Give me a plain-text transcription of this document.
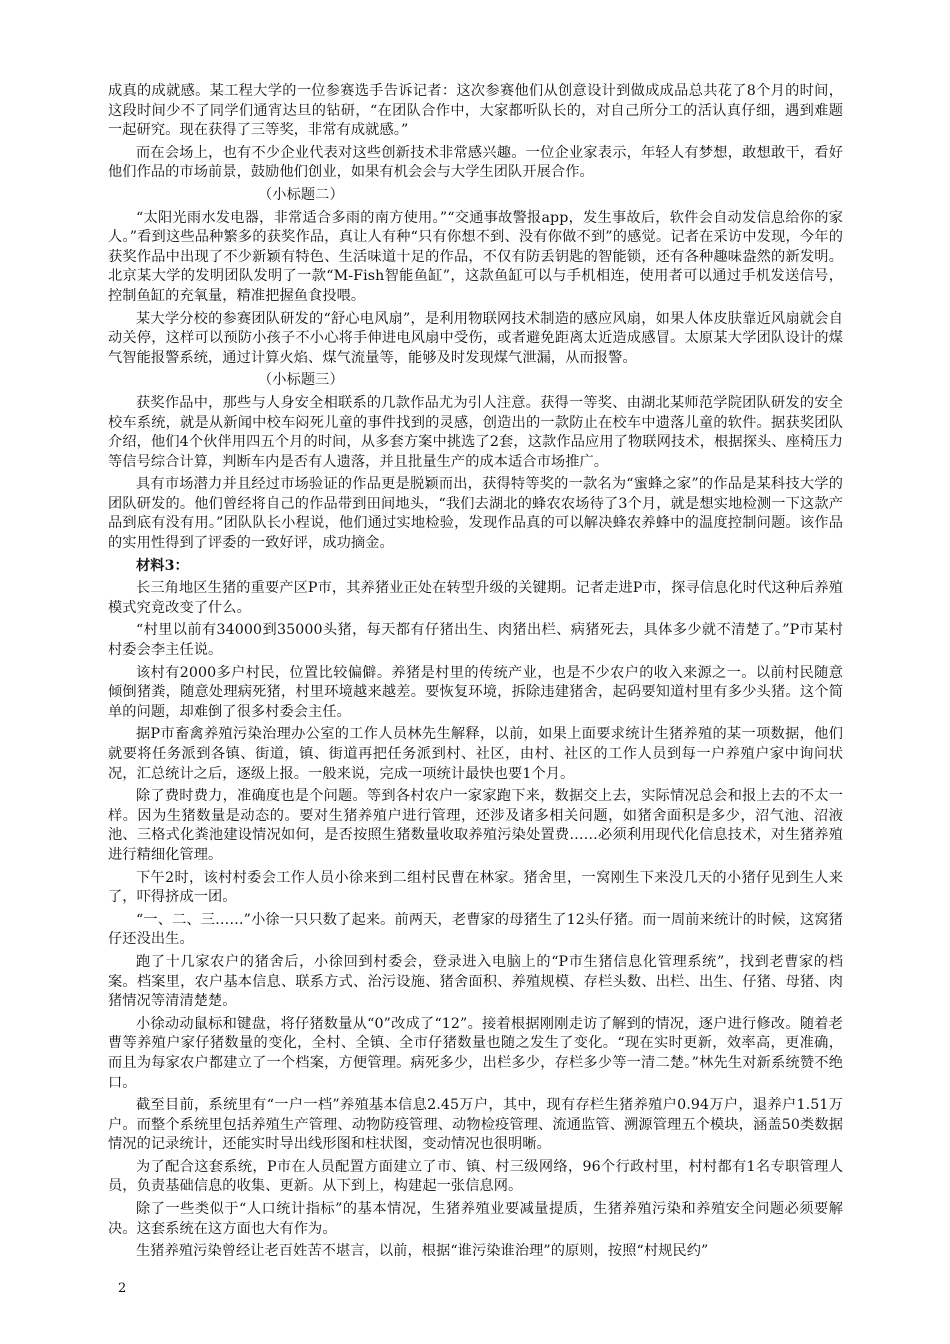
成真的成就感。某工程大学的一位参赛选手告诉记者：这次参赛他们从创意设计到做成成品总共花了8个月的时间，这段时间少不了同学们通宵达旦的钻研，“在团队合作中，大家都听队长的，对自己所分工的活认真仔细，遇到难题一起研究。现在获得了三等奖，非常有成就感。”

而在会场上，也有不少企业代表对这些创新技术非常感兴趣。一位企业家表示，年轻人有梦想，敢想敢干，看好他们作品的市场前景，鼓励他们创业，如果有机会会与大学生团队开展合作。

（小标题二）

“太阳光雨水发电器，非常适合多雨的南方使用。”“交通事故警报app，发生事故后，软件会自动发信息给你的家人。”看到这些品种繁多的获奖作品，真让人有种“只有你想不到、没有你做不到”的感觉。记者在采访中发现，今年的获奖作品中出现了不少新颖有特色、生活味道十足的作品，不仅有防丢钥匙的智能锁，还有各种趣味盎然的新发明。北京某大学的发明团队发明了一款“M-Fish智能鱼缸”，这款鱼缸可以与手机相连，使用者可以通过手机发送信号，控制鱼缸的充氧量，精准把握鱼食投喂。

某大学分校的参赛团队研发的“舒心电风扇”，是利用物联网技术制造的感应风扇，如果人体皮肤靠近风扇就会自动关停，这样可以预防小孩子不小心将手伸进电风扇中受伤，或者避免距离太近造成感冒。太原某大学团队设计的煤气智能报警系统，通过计算火焰、煤气流量等，能够及时发现煤气泄漏，从而报警。

（小标题三）

获奖作品中，那些与人身安全相联系的几款作品尤为引人注意。获得一等奖、由湖北某师范学院团队研发的安全校车系统，就是从新闻中校车闷死儿童的事件找到的灵感，创造出的一款防止在校车中遗落儿童的软件。据获奖团队介绍，他们4个伙伴用四五个月的时间，从多套方案中挑选了2套，这款作品应用了物联网技术，根据探头、座椅压力等信号综合计算，判断车内是否有人遗落，并且批量生产的成本适合市场推广。

具有市场潜力并且经过市场验证的作品更是脱颖而出，获得特等奖的一款名为“蜜蜂之家”的作品是某科技大学的团队研发的。他们曾经将自己的作品带到田间地头，“我们去湖北的蜂农农场待了3个月，就是想实地检测一下这款产品到底有没有用。”团队队长小程说，他们通过实地检验，发现作品真的可以解决蜂农养蜂中的温度控制问题。该作品的实用性得到了评委的一致好评，成功摘金。

材料3：

长三角地区生猪的重要产区P市，其养猪业正处在转型升级的关键期。记者走进P市，探寻信息化时代这种后养殖模式究竟改变了什么。

“村里以前有34000到35000头猪，每天都有仔猪出生、肉猪出栏、病猪死去，具体多少就不清楚了。”P市某村村委会李主任说。

该村有2000多户村民，位置比较偏僻。养猪是村里的传统产业，也是不少农户的收入来源之一。以前村民随意倾倒猪粪，随意处理病死猪，村里环境越来越差。要恢复环境，拆除违建猪舍，起码要知道村里有多少头猪。这个简单的问题，却难倒了很多村委会主任。

据P市畜禽养殖污染治理办公室的工作人员林先生解释，以前，如果上面要求统计生猪养殖的某一项数据，他们就要将任务派到各镇、街道，镇、街道再把任务派到村、社区，由村、社区的工作人员到每一户养殖户家中询问状况，汇总统计之后，逐级上报。一般来说，完成一项统计最快也要1个月。

除了费时费力，准确度也是个问题。等到各村农户一家家跑下来，数据交上去，实际情况总会和报上去的不太一样。因为生猪数量是动态的。要对生猪养殖户进行管理，还涉及诸多相关问题，如猪舍面积是多少，沼气池、沼液池、三格式化粪池建设情况如何，是否按照生猪数量收取养殖污染处置费……必须利用现代化信息技术，对生猪养殖进行精细化管理。

下午2时，该村村委会工作人员小徐来到二组村民曹在林家。猪舍里，一窝刚生下来没几天的小猪仔见到生人来了，吓得挤成一团。

“一、二、三……”小徐一只只数了起来。前两天，老曹家的母猪生了12头仔猪。而一周前来统计的时候，这窝猪仔还没出生。

跑了十几家农户的猪舍后，小徐回到村委会，登录进入电脑上的“P市生猪信息化管理系统”，找到老曹家的档案。档案里，农户基本信息、联系方式、治污设施、猪舍面积、养殖规模、存栏头数、出栏、出生、仔猪、母猪、肉猪情况等清清楚楚。

小徐动动鼠标和键盘，将仔猪数量从“0”改成了“12”。接着根据刚刚走访了解到的情况，逐户进行修改。随着老曹等养殖户家仔猪数量的变化，全村、全镇、全市仔猪数量也随之发生了变化。“现在实时更新，效率高，更准确，而且为每家农户都建立了一个档案，方便管理。病死多少，出栏多少，存栏多少等一清二楚。”林先生对新系统赞不绝口。

截至目前，系统里有“一户一档”养殖基本信息2.45万户，其中，现有存栏生猪养殖户0.94万户，退养户1.51万户。而整个系统里包括养殖生产管理、动物防疫管理、动物检疫管理、流通监管、溯源管理五个模块，涵盖50类数据情况的记录统计，还能实时导出线形图和柱状图，变动情况也很明晰。

为了配合这套系统，P市在人员配置方面建立了市、镇、村三级网络，96个行政村里，村村都有1名专职管理人员，负责基础信息的收集、更新。从下到上，构建起一张信息网。

除了一些类似于“人口统计指标”的基本情况，生猪养殖业要减量提质，生猪养殖污染和养殖安全问题必须要解决。这套系统在这方面也大有作为。

生猪养殖污染曾经让老百姓苦不堪言，以前，根据“谁污染谁治理”的原则，按照“村规民约”

2
